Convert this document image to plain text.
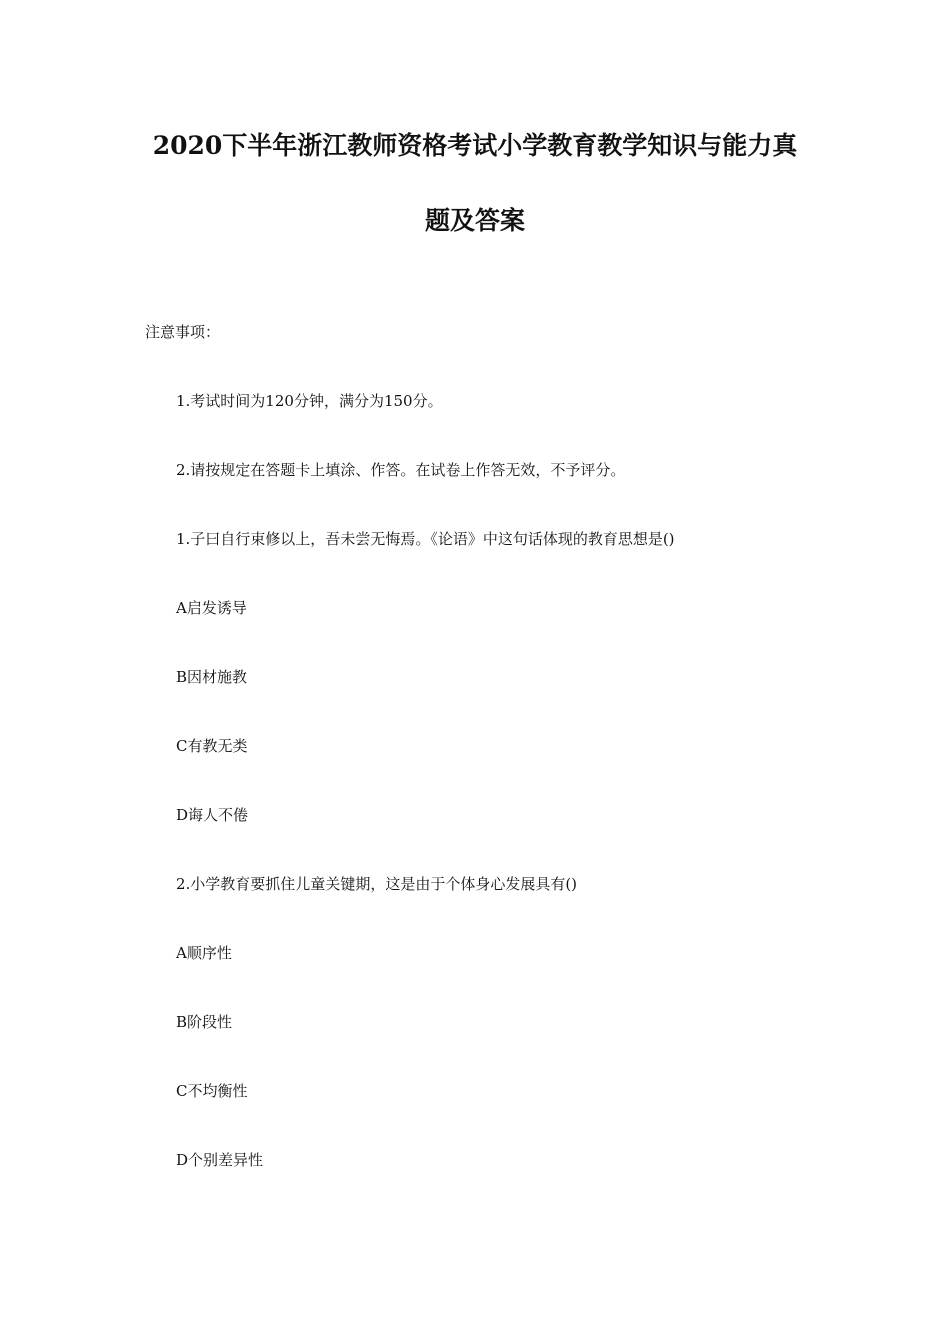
2020下半年浙江教师资格考试小学教育教学知识与能力真
题及答案
注意事项：
1.考试时间为120分钟，满分为150分。
2.请按规定在答题卡上填涂、作答。在试卷上作答无效，不予评分。
1.子曰自行束修以上，吾未尝无悔焉。《论语》中这句话体现的教育思想是()
A启发诱导
B因材施教
C有教无类
D诲人不倦
2.小学教育要抓住儿童关键期，这是由于个体身心发展具有()
A顺序性
B阶段性
C不均衡性
D个别差异性
